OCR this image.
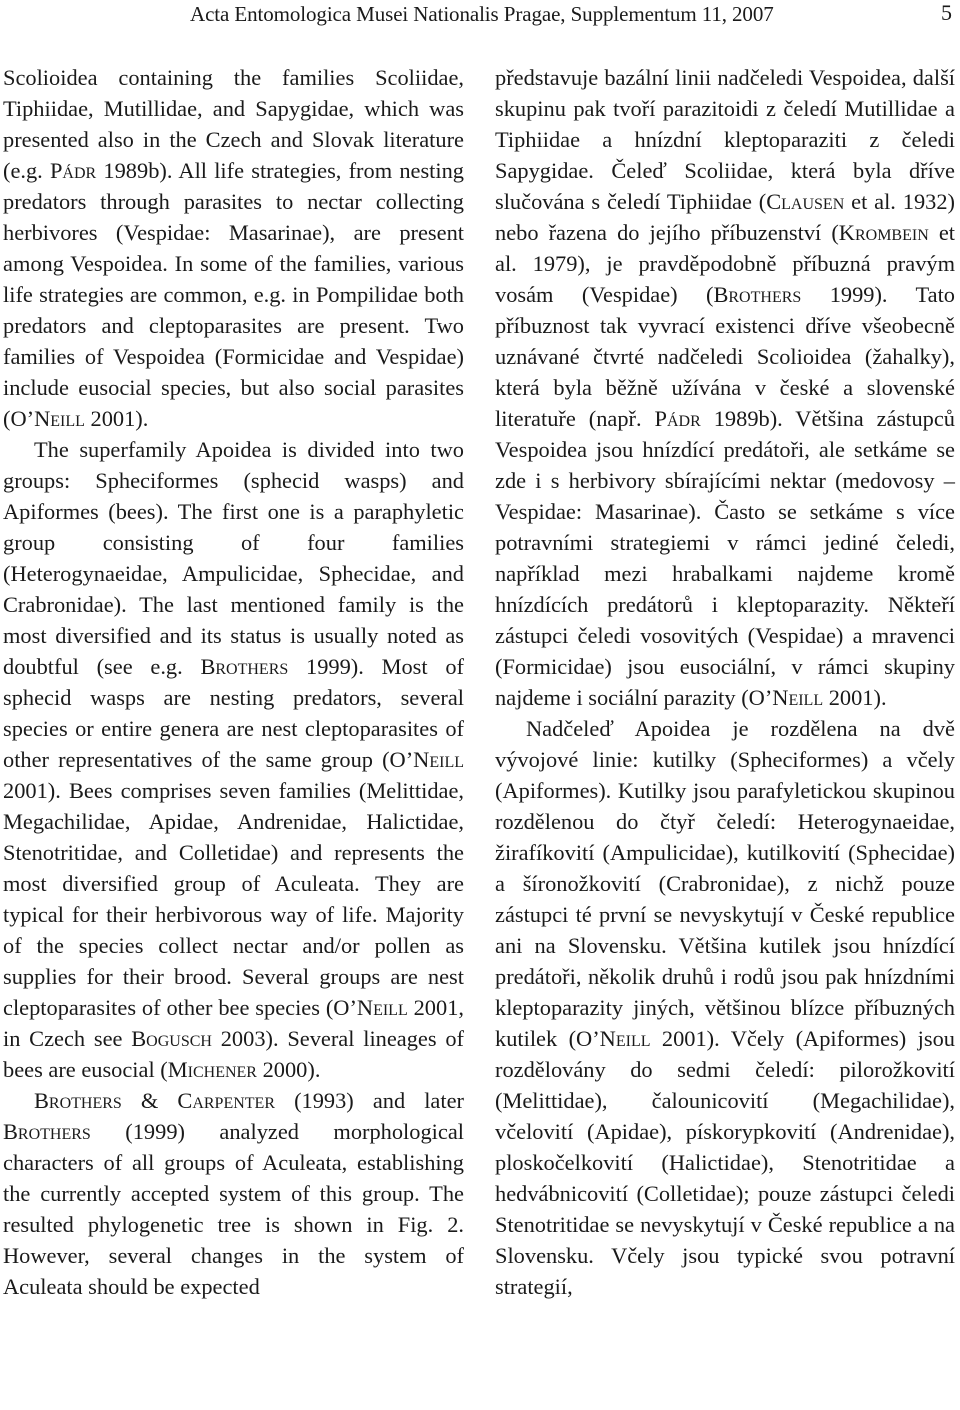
Acta Entomologica Musei Nationalis Pragae, Supplementum 11, 2007	5

Scolioidea containing the families Scoliidae, Tiphiidae, Mutillidae, and Sapygidae, which was presented also in the Czech and Slovak literature (e.g. Pádr 1989b). All life strategies, from nesting predators through parasites to nectar collecting herbivores (Vespidae: Masarinae), are present among Vespoidea. In some of the families, various life strategies are common, e.g. in Pompilidae both predators and cleptoparasites are present. Two families of Vespoidea (Formicidae and Vespidae) include eusocial species, but also social parasites (O’Neill 2001).

The superfamily Apoidea is divided into two groups: Spheciformes (sphecid wasps) and Apiformes (bees). The first one is a paraphyletic group consisting of four families (Heterogynaeidae, Ampulicidae, Sphecidae, and Crabronidae). The last mentioned family is the most diversified and its status is usually noted as doubtful (see e.g. Brothers 1999). Most of sphecid wasps are nesting predators, several species or entire genera are nest cleptoparasites of other representatives of the same group (O’Neill 2001). Bees comprises seven families (Melittidae, Megachilidae, Apidae, Andrenidae, Halictidae, Stenotritidae, and Colletidae) and represents the most diversified group of Aculeata. They are typical for their herbivorous way of life. Majority of the species collect nectar and/or pollen as supplies for their brood. Several groups are nest cleptoparasites of other bee species (O’Neill 2001, in Czech see Bogusch 2003). Several lineages of bees are eusocial (Michener 2000).

Brothers & Carpenter (1993) and later Brothers (1999) analyzed morphological characters of all groups of Aculeata, establishing the currently accepted system of this group. The resulted phylogenetic tree is shown in Fig. 2. However, several changes in the system of Aculeata should be expected

představuje bazální linii nadčeledi Vespoidea, další skupinu pak tvoří parazitoidi z čeledí Mutillidae a Tiphiidae a hnízdní kleptoparaziti z čeledi Sapygidae. Čeleď Scoliidae, která byla dříve slučována s čeledí Tiphiidae (Clausen et al. 1932) nebo řazena do jejího příbuzenství (Krombein et al. 1979), je pravděpodobně příbuzná pravým vosám (Vespidae) (Brothers 1999). Tato příbuznost tak vyvrací existenci dříve všeobecně uznávané čtvrté nadčeledi Scolioidea (žahalky), která byla běžně užívána v české a slovenské literatuře (např. Pádr 1989b). Většina zástupců Vespoidea jsou hnízdící predátoři, ale setkáme se zde i s herbivory sbírajícími nektar (medovosy – Vespidae: Masarinae). Často se setkáme s více potravními strategiemi v rámci jediné čeledi, například mezi hrabalkami najdeme kromě hnízdících predátorů i kleptoparazity. Někteří zástupci čeledi vosovitých (Vespidae) a mravenci (Formicidae) jsou eusociální, v rámci skupiny najdeme i sociální parazity (O’Neill 2001).

Nadčeleď Apoidea je rozdělena na dvě vývojové linie: kutilky (Spheciformes) a včely (Apiformes). Kutilky jsou parafyletickou skupinou rozdělenou do čtyř čeledí: Heterogynaeidae, žirafíkovití (Ampulicidae), kutilkovití (Sphecidae) a šíronožkovití (Crabronidae), z nichž pouze zástupci té první se nevyskytují v České republice ani na Slovensku. Většina kutilek jsou hnízdící predátoři, několik druhů i rodů jsou pak hnízdními kleptoparazity jiných, většinou blízce příbuzných kutilek (O’Neill 2001). Včely (Apiformes) jsou rozdělovány do sedmi čeledí: pilorožkovití (Melittidae), čalounicovití (Megachilidae), včelovití (Apidae), pískorypkovití (Andrenidae), ploskočelkovití (Halictidae), Stenotritidae a hedvábnicovití (Colletidae); pouze zástupci čeledi Stenotritidae se nevyskytují v České republice a na Slovensku. Včely jsou typické svou potravní strategií,
